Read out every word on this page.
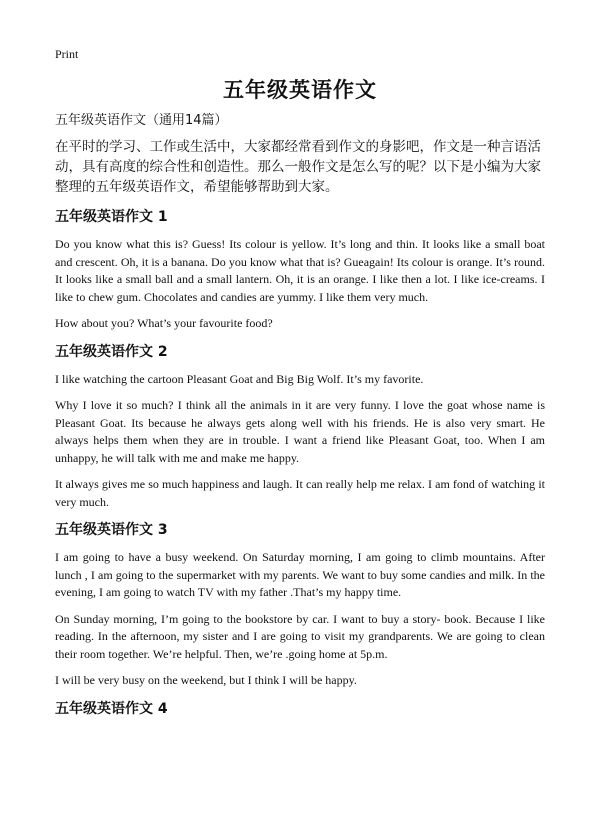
Print
五年级英语作文
五年级英语作文（通用14篇）
在平时的学习、工作或生活中，大家都经常看到作文的身影吧，作文是一种言语活动，具有高度的综合性和创造性。那么一般作文是怎么写的呢？以下是小编为大家整理的五年级英语作文，希望能够帮助到大家。
五年级英语作文 1

Do you know what this is? Guess! Its colour is yellow. It’s long and thin. It looks like a small boat and crescent. Oh, it is a banana. Do you know what that is? Gueagain! Its colour is orange. It’s round. It looks like a small ball and a small lantern. Oh, it is an orange. I like then a lot. I like ice-creams. I like to chew gum. Chocolates and candies are yummy. I like them very much.

How about you? What’s your favourite food?

五年级英语作文 2

I like watching the cartoon Pleasant Goat and Big Big Wolf. It’s my favorite.

Why I love it so much? I think all the animals in it are very funny. I love the goat whose name is Pleasant Goat. Its because he always gets along well with his friends. He is also very smart. He always helps them when they are in trouble. I want a friend like Pleasant Goat, too. When I am unhappy, he will talk with me and make me happy.

It always gives me so much happiness and laugh. It can really help me relax. I am fond of watching it very much.

五年级英语作文 3

I am going to have a busy weekend. On Saturday morning, I am going to climb mountains. After lunch , I am going to the supermarket with my parents. We want to buy some candies and milk. In the evening, I am going to watch TV with my father .That’s my happy time.

On Sunday morning, I’m going to the bookstore by car. I want to buy a story- book. Because I like reading. In the afternoon, my sister and I are going to visit my grandparents. We are going to clean their room together. We’re helpful. Then, we’re .going home at 5p.m.

I will be very busy on the weekend, but I think I will be happy.

五年级英语作文 4
